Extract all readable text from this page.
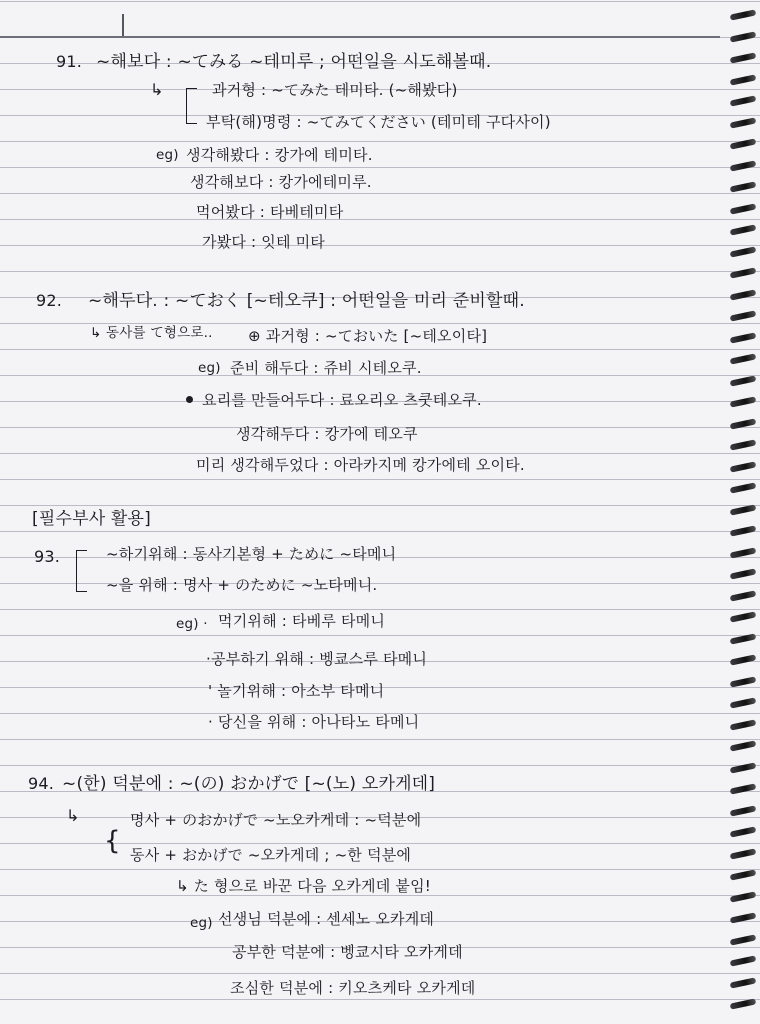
91. ~해보다 : ~てみる ~테미루 ; 어떤일을 시도해볼때.
↳	과거형 : ~てみた 테미타. (~해봤다)
부탁(해)명령 : ~てみてください (테미테 구다사이)
eg) 생각해봤다 : 캉가에 테미타.
생각해보다 : 캉가에테미루.
먹어봤다 : 타베테미타
가봤다 : 잇테 미타
92. ~해두다. : ~ておく [~테오쿠] : 어떤일을 미리 준비할때.
↳ 동사를 て형으로.. ⊕ 과거형 : ~ておいた [~테오이타]
eg) 준비 해두다 : 쥬비 시테오쿠.
요리를 만들어두다 : 료오리오 츠쿳테오쿠.
생각해두다 : 캉가에 테오쿠
미리 생각해두었다 : 아라카지메 캉가에테 오이타.
[필수부사 활용]
93.	~하기위해 : 동사기본형 + ために ~타메니
~을 위해 : 명사 + のために ~노타메니.
eg) · 먹기위해 : 타베루 타메니
·공부하기 위해 : 벵쿄스루 타메니
' 놀기위해 : 아소부 타메니
· 당신을 위해 : 아나타노 타메니
94. ~(한) 덕분에 : ~(の) おかげで [~(노) 오카게데]
↳
{
명사 + のおかげで ~노오카게데 : ~덕분에
동사 + おかげで ~오카게데 ; ~한 덕분에
↳ た 형으로 바꾼 다음 오카게데 붙임!
eg) 선생님 덕분에 : 센세노 오카게데
공부한 덕분에 : 벵쿄시타 오카게데
조심한 덕분에 : 키오츠케타 오카게데
